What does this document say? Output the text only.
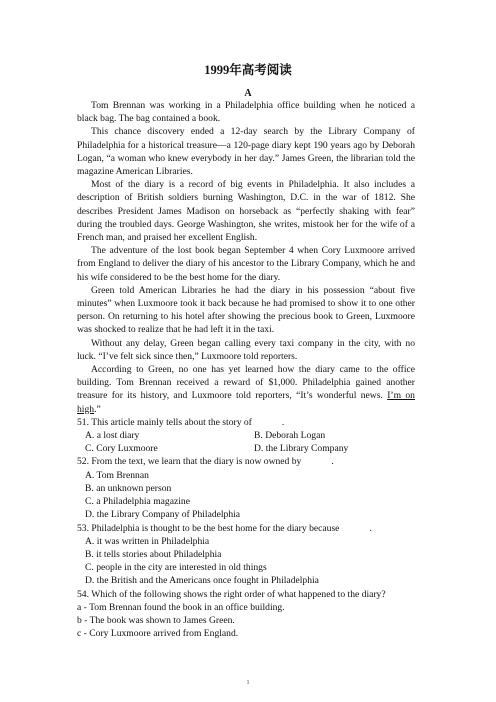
1999年高考阅读
A

Tom Brennan was working in a Philadelphia office building when he noticed a black bag. The bag contained a book.

This chance discovery ended a 12-day search by the Library Company of Philadelphia for a historical treasure—a 120-page diary kept 190 years ago by Deborah Logan, “a woman who knew everybody in her day.” James Green, the librarian told the magazine American Libraries.

Most of the diary is a record of big events in Philadelphia. It also includes a description of British soldiers burning Washington, D.C. in the war of 1812. She describes President James Madison on horseback as “perfectly shaking with fear” during the troubled days. George Washington, she writes, mistook her for the wife of a French man, and praised her excellent English.

The adventure of the lost book began September 4 when Cory Luxmoore arrived from England to deliver the diary of his ancestor to the Library Company, which he and his wife considered to be the best home for the diary.

Green told American Libraries he had the diary in his possession “about five minutes” when Luxmoore took it back because he had promised to show it to one other person. On returning to his hotel after showing the precious book to Green, Luxmoore was shocked to realize that he had left it in the taxi.

Without any delay, Green began calling every taxi company in the city, with no luck. “I’ve felt sick since then,” Luxmoore told reporters.

According to Green, no one has yet learned how the diary came to the office building. Tom Brennan received a reward of $1,000. Philadelphia gained another treasure for its history, and Luxmoore told reporters, “It’s wonderful news. I’m on high.”

51. This article mainly tells about the story of	.

A. a lost diary	B. Deborah Logan
C. Cory Luxmoore	D. the Library Company

52. From the text, we learn that the diary is now owned by	.

A. Tom Brennan
B. an unknown person
C. a Philadelphia magazine
D. the Library Company of Philadelphia

53. Philadelphia is thought to be the best home for the diary because	.

A. it was written in Philadelphia
B. it tells stories about Philadelphia
C. people in the city are interested in old things
D. the British and the Americans once fought in Philadelphia

54. Which of the following shows the right order of what happened to the diary?

a - Tom Brennan found the book in an office building.

b - The book was shown to James Green.

c - Cory Luxmoore arrived from England.

1
